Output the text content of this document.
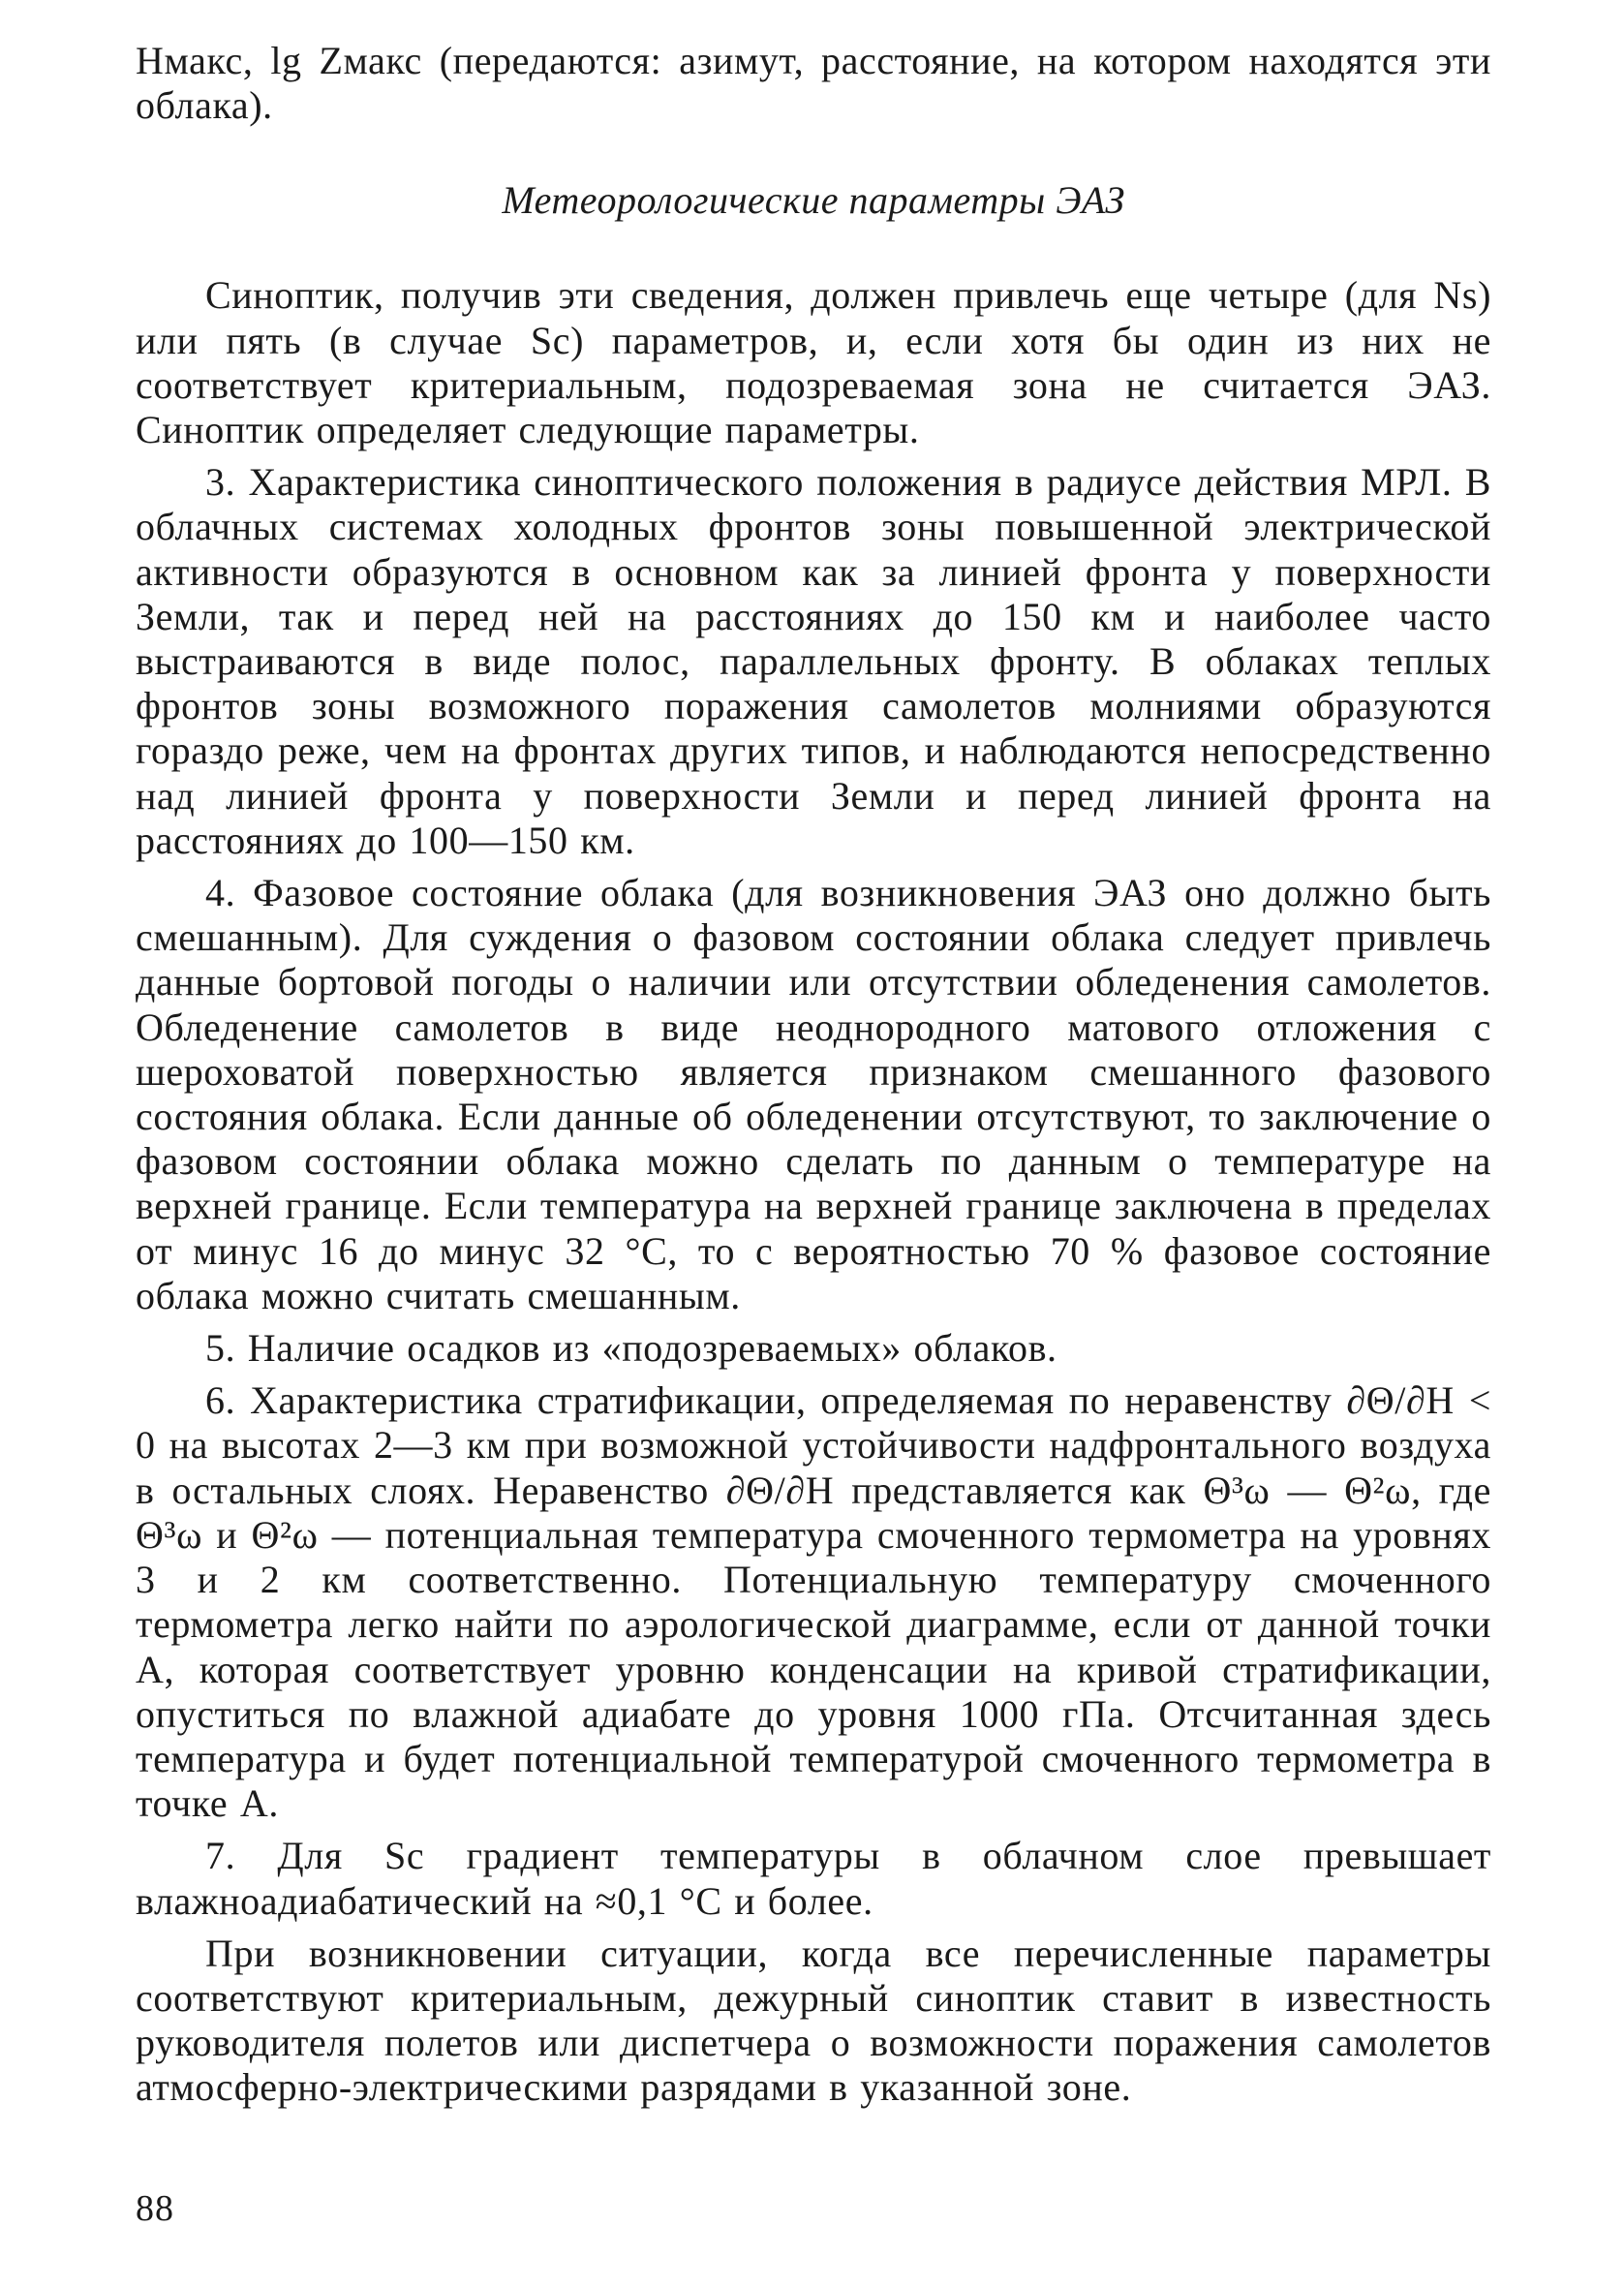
Hмакс, lg Zмакс (передаются: азимут, расстояние, на котором находятся эти облака).

Метеорологические параметры ЭАЗ

Синоптик, получив эти сведения, должен привлечь еще четыре (для Ns) или пять (в случае Sc) параметров, и, если хотя бы один из них не соответствует критериальным, подозреваемая зона не считается ЭАЗ. Синоптик определяет следующие параметры.

3. Характеристика синоптического положения в радиусе действия МРЛ. В облачных системах холодных фронтов зоны повышенной электрической активности образуются в основном как за линией фронта у поверхности Земли, так и перед ней на расстояниях до 150 км и наиболее часто выстраиваются в виде полос, параллельных фронту. В облаках теплых фронтов зоны возможного поражения самолетов молниями образуются гораздо реже, чем на фронтах других типов, и наблюдаются непосредственно над линией фронта у поверхности Земли и перед линией фронта на расстояниях до 100—150 км.

4. Фазовое состояние облака (для возникновения ЭАЗ оно должно быть смешанным). Для суждения о фазовом состоянии облака следует привлечь данные бортовой погоды о наличии или отсутствии обледенения самолетов. Обледенение самолетов в виде неоднородного матового отложения с шероховатой поверхностью является признаком смешанного фазового состояния облака. Если данные об обледенении отсутствуют, то заключение о фазовом состоянии облака можно сделать по данным о температуре на верхней границе. Если температура на верхней границе заключена в пределах от минус 16 до минус 32 °С, то с вероятностью 70 % фазовое состояние облака можно считать смешанным.

5. Наличие осадков из «подозреваемых» облаков.

6. Характеристика стратификации, определяемая по неравенству ∂Θ/∂H < 0 на высотах 2—3 км при возможной устойчивости надфронтального воздуха в остальных слоях. Неравенство ∂Θ/∂H представляется как Θ³ω — Θ²ω, где Θ³ω и Θ²ω — потенциальная температура смоченного термометра на уровнях 3 и 2 км соответственно. Потенциальную температуру смоченного термометра легко найти по аэрологической диаграмме, если от данной точки A, которая соответствует уровню конденсации на кривой стратификации, опуститься по влажной адиабате до уровня 1000 гПа. Отсчитанная здесь температура и будет потенциальной температурой смоченного термометра в точке A.

7. Для Sc градиент температуры в облачном слое превышает влажноадиабатический на ≈0,1 °С и более.

При возникновении ситуации, когда все перечисленные параметры соответствуют критериальным, дежурный синоптик ставит в известность руководителя полетов или диспетчера о возможности поражения самолетов атмосферно-электрическими разрядами в указанной зоне.

88
